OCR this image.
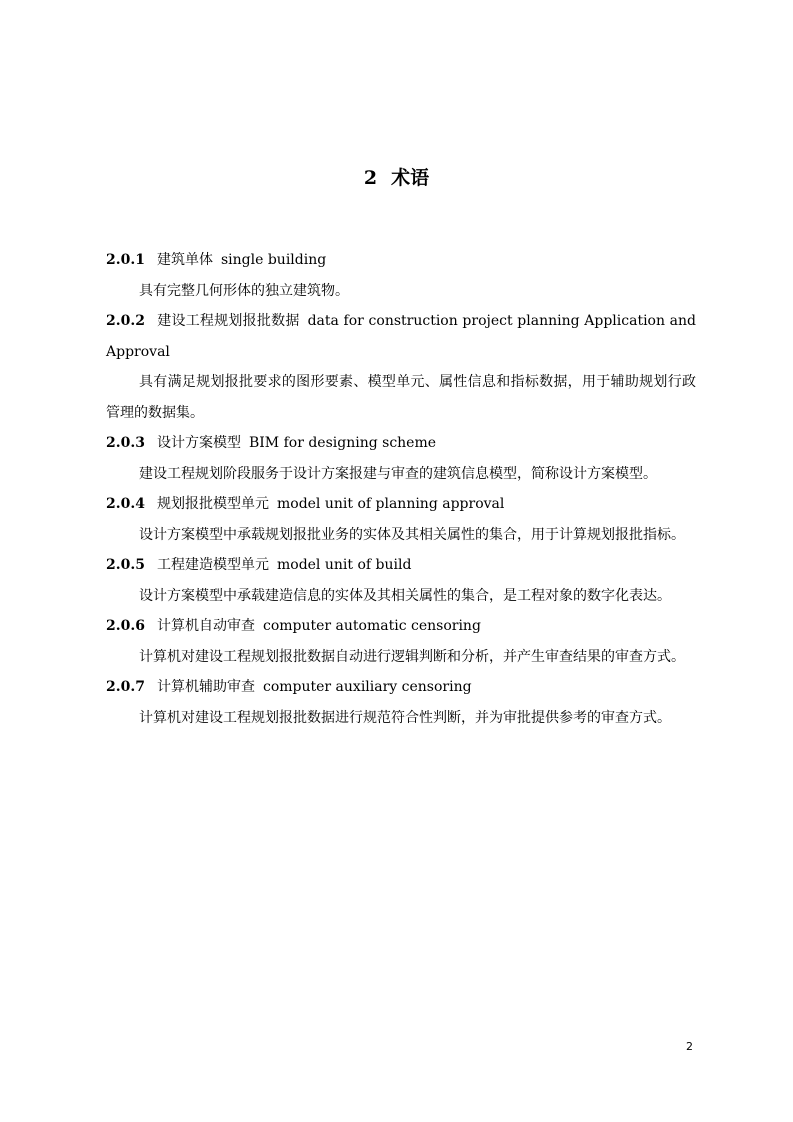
2 术语
2.0.1 建筑单体 single building
具有完整几何形体的独立建筑物。
2.0.2 建设工程规划报批数据 data for construction project planning Application and Approval
具有满足规划报批要求的图形要素、模型单元、属性信息和指标数据，用于辅助规划行政管理的数据集。
2.0.3 设计方案模型 BIM for designing scheme
建设工程规划阶段服务于设计方案报建与审查的建筑信息模型，简称设计方案模型。
2.0.4 规划报批模型单元 model unit of planning approval
设计方案模型中承载规划报批业务的实体及其相关属性的集合，用于计算规划报批指标。
2.0.5 工程建造模型单元 model unit of build
设计方案模型中承载建造信息的实体及其相关属性的集合，是工程对象的数字化表达。
2.0.6 计算机自动审查 computer automatic censoring
计算机对建设工程规划报批数据自动进行逻辑判断和分析，并产生审查结果的审查方式。
2.0.7 计算机辅助审查 computer auxiliary censoring
计算机对建设工程规划报批数据进行规范符合性判断，并为审批提供参考的审查方式。
2
